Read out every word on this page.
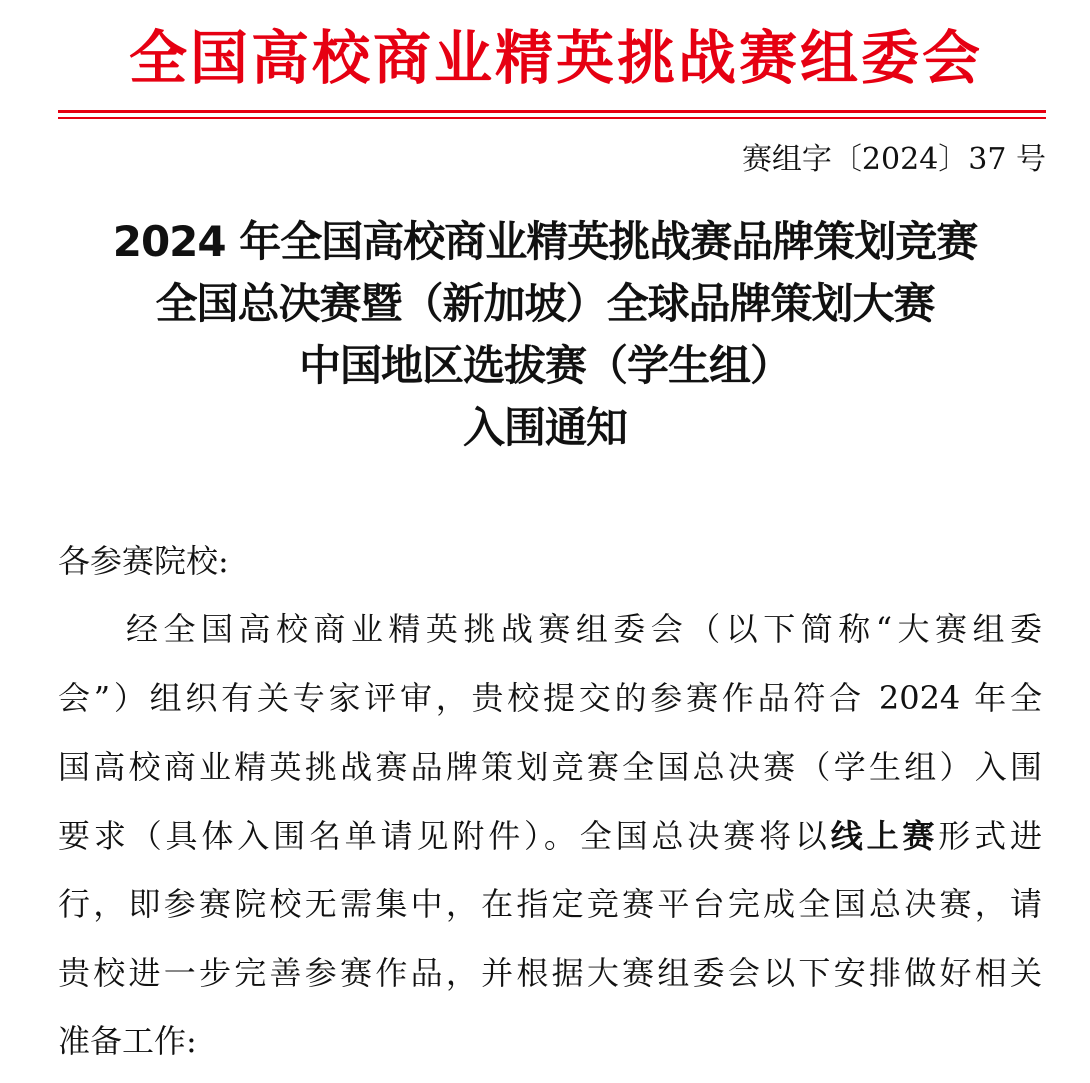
全国高校商业精英挑战赛组委会
赛组字〔2024〕37 号
2024 年全国高校商业精英挑战赛品牌策划竞赛
全国总决赛暨（新加坡）全球品牌策划大赛
中国地区选拔赛（学生组）
入围通知
各参赛院校:
经全国高校商业精英挑战赛组委会（以下简称“大赛组委
会”）组织有关专家评审，贵校提交的参赛作品符合 2024 年全
国高校商业精英挑战赛品牌策划竞赛全国总决赛（学生组）入围
要求（具体入围名单请见附件）。全国总决赛将以线上赛形式进
行，即参赛院校无需集中，在指定竞赛平台完成全国总决赛，请
贵校进一步完善参赛作品，并根据大赛组委会以下安排做好相关
准备工作:
